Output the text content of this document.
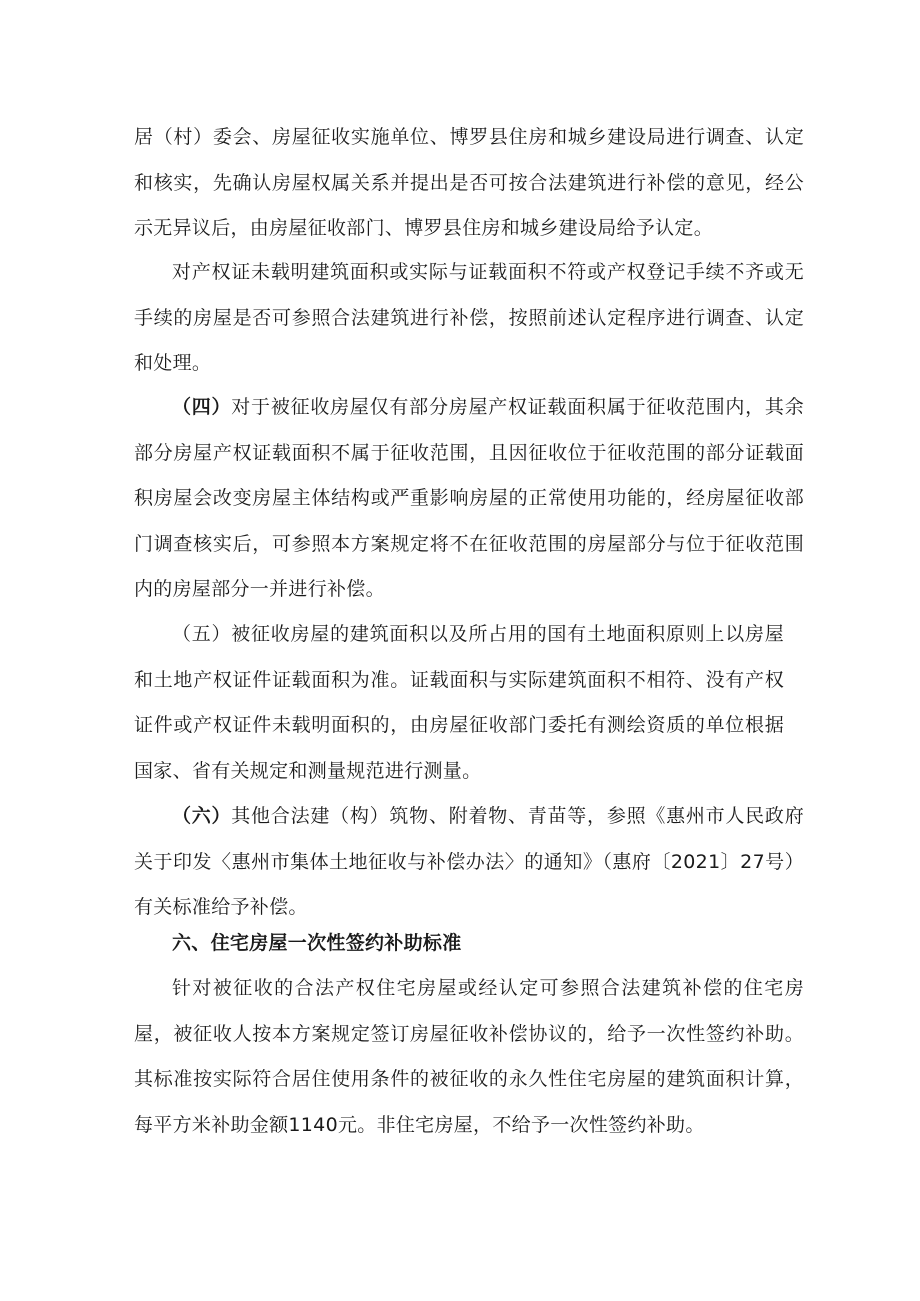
居（村）委会、房屋征收实施单位、博罗县住房和城乡建设局进行调查、认定和核实，先确认房屋权属关系并提出是否可按合法建筑进行补偿的意见，经公示无异议后，由房屋征收部门、博罗县住房和城乡建设局给予认定。

对产权证未载明建筑面积或实际与证载面积不符或产权登记手续不齐或无手续的房屋是否可参照合法建筑进行补偿，按照前述认定程序进行调查、认定和处理。

（四）对于被征收房屋仅有部分房屋产权证载面积属于征收范围内，其余部分房屋产权证载面积不属于征收范围，且因征收位于征收范围的部分证载面积房屋会改变房屋主体结构或严重影响房屋的正常使用功能的，经房屋征收部门调查核实后，可参照本方案规定将不在征收范围的房屋部分与位于征收范围内的房屋部分一并进行补偿。

（五）被征收房屋的建筑面积以及所占用的国有土地面积原则上以房屋和土地产权证件证载面积为准。证载面积与实际建筑面积不相符、没有产权证件或产权证件未载明面积的，由房屋征收部门委托有测绘资质的单位根据国家、省有关规定和测量规范进行测量。

（六）其他合法建（构）筑物、附着物、青苗等，参照《惠州市人民政府关于印发〈惠州市集体土地征收与补偿办法〉的通知》（惠府〔2021〕27号）有关标准给予补偿。

六、住宅房屋一次性签约补助标准

针对被征收的合法产权住宅房屋或经认定可参照合法建筑补偿的住宅房屋，被征收人按本方案规定签订房屋征收补偿协议的，给予一次性签约补助。其标准按实际符合居住使用条件的被征收的永久性住宅房屋的建筑面积计算，每平方米补助金额1140元。非住宅房屋，不给予一次性签约补助。
